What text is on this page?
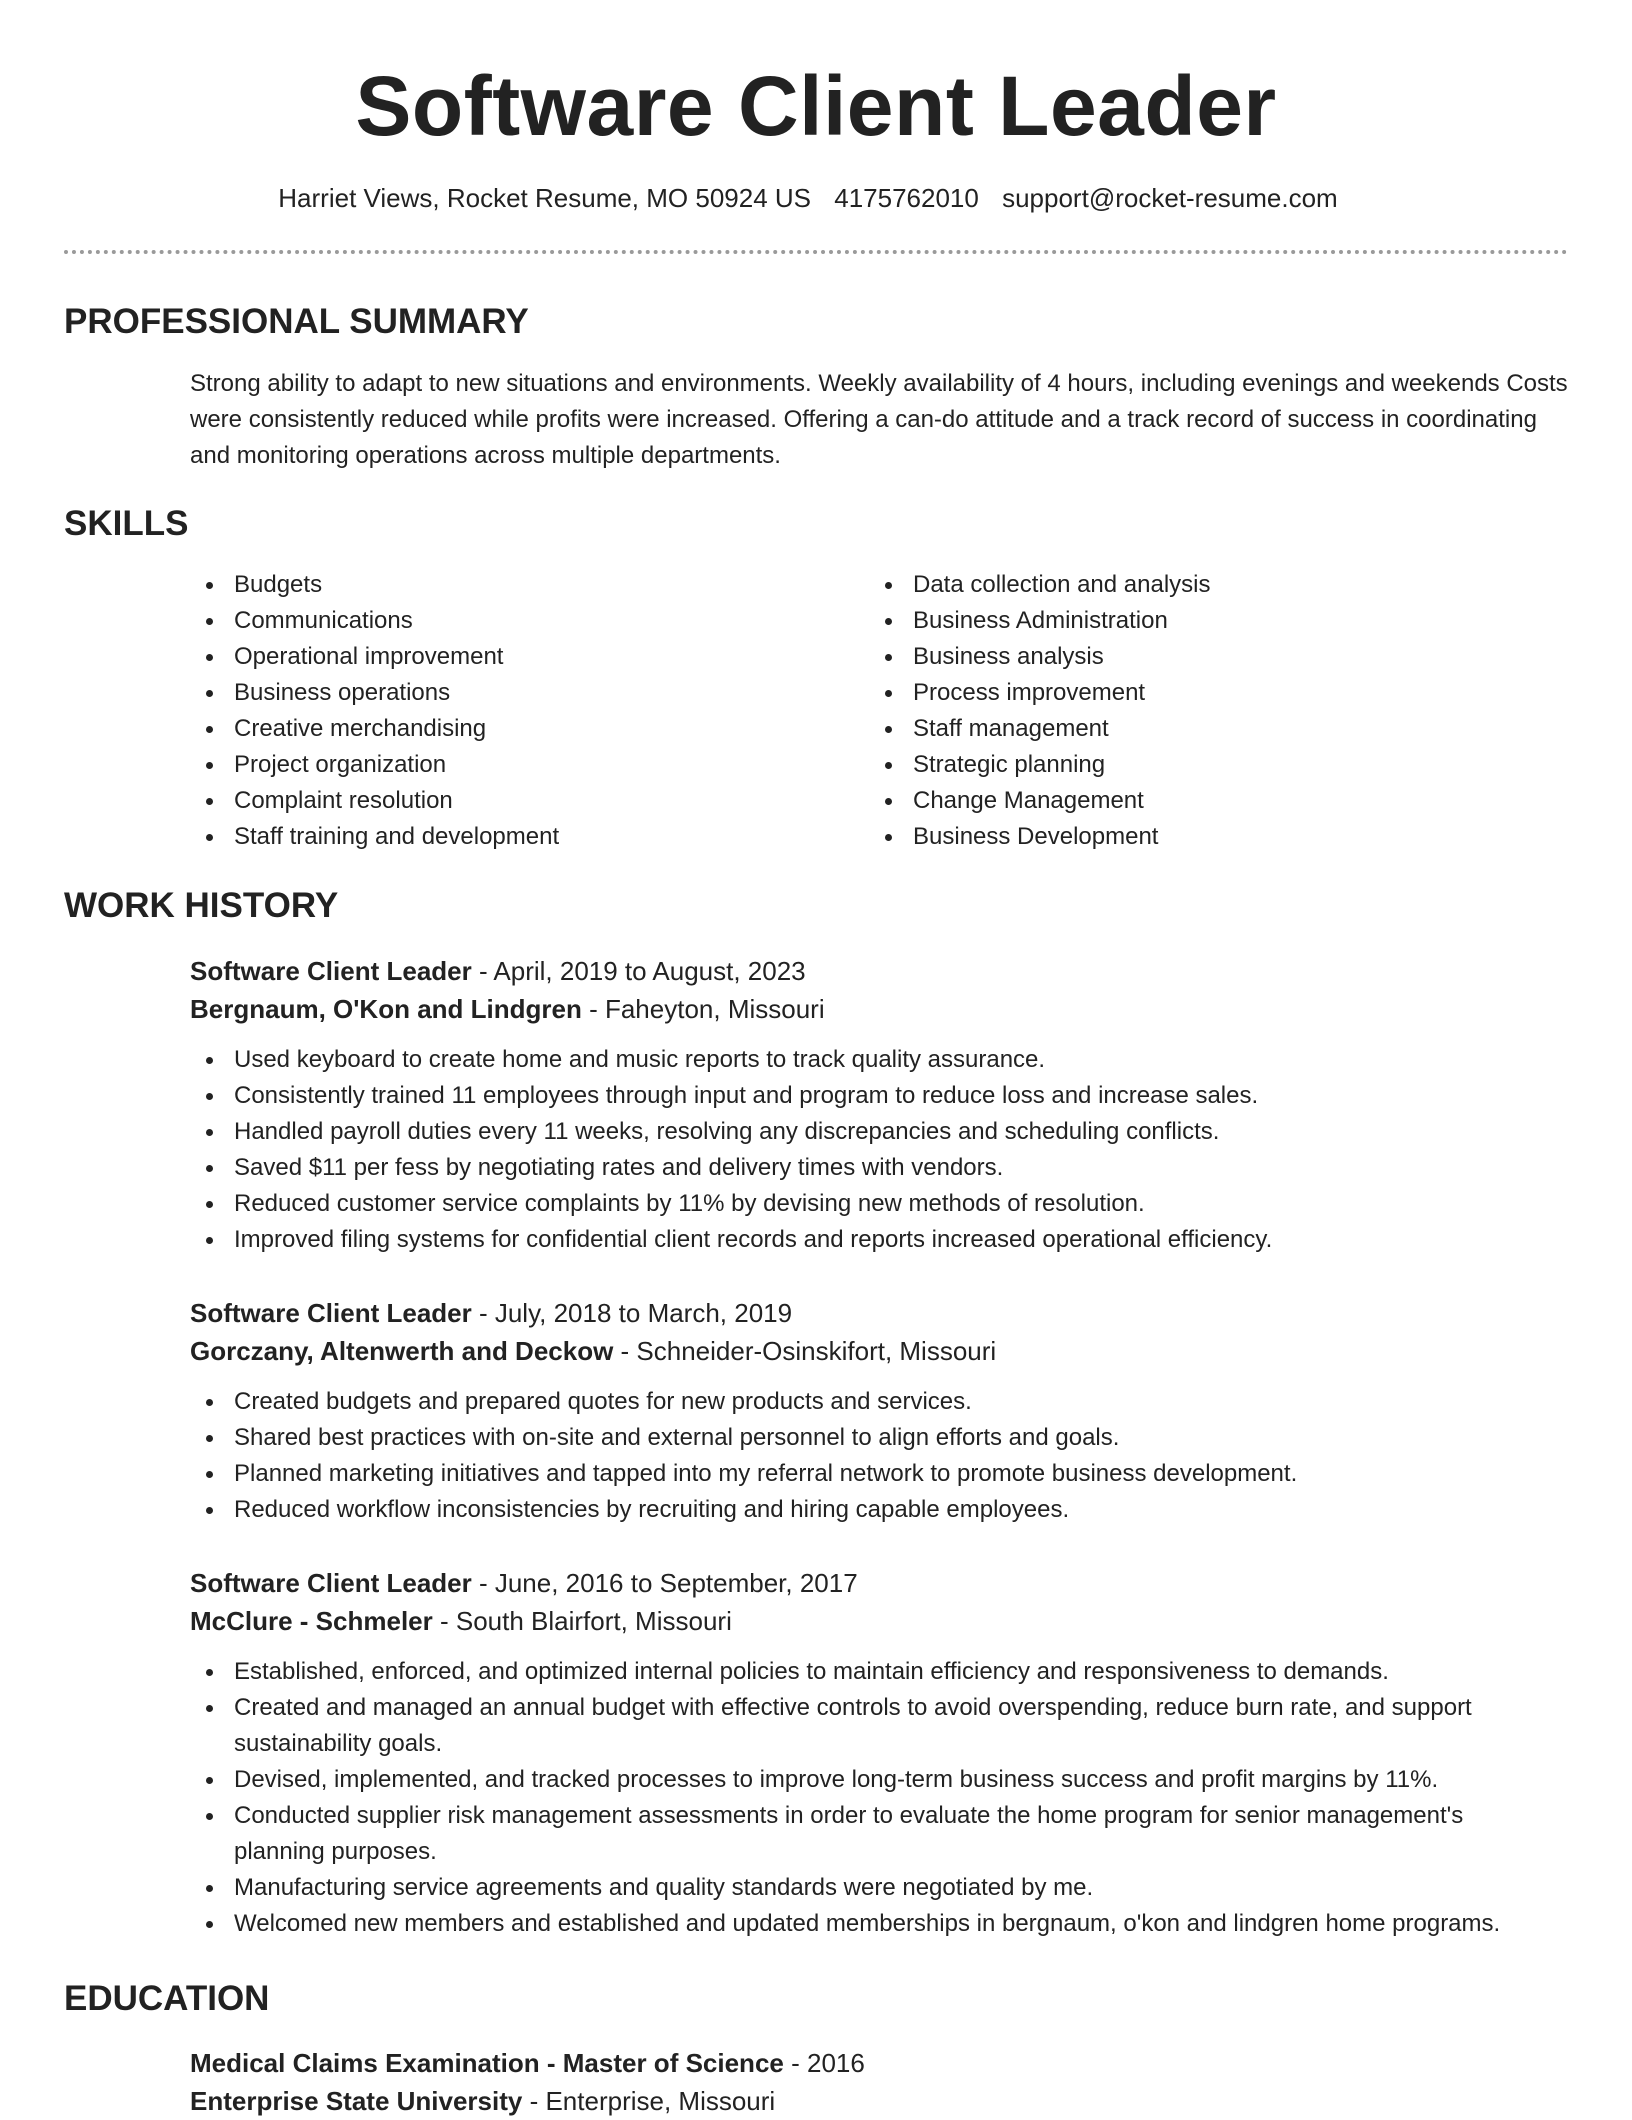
Software Client Leader
Harriet Views, Rocket Resume, MO 50924 US 4175762010 support@rocket-resume.com
PROFESSIONAL SUMMARY

Strong ability to adapt to new situations and environments. Weekly availability of 4 hours, including evenings and weekends Costs were consistently reduced while profits were increased. Offering a can-do attitude and a track record of success in coordinating and monitoring operations across multiple departments.

SKILLS
Budgets
Communications
Operational improvement
Business operations
Creative merchandising
Project organization
Complaint resolution
Staff training and development
Data collection and analysis
Business Administration
Business analysis
Process improvement
Staff management
Strategic planning
Change Management
Business Development
WORK HISTORY
Software Client Leader - April, 2019 to August, 2023
Bergnaum, O'Kon and Lindgren - Faheyton, Missouri
Used keyboard to create home and music reports to track quality assurance.
Consistently trained 11 employees through input and program to reduce loss and increase sales.
Handled payroll duties every 11 weeks, resolving any discrepancies and scheduling conflicts.
Saved $11 per fess by negotiating rates and delivery times with vendors.
Reduced customer service complaints by 11% by devising new methods of resolution.
Improved filing systems for confidential client records and reports increased operational efficiency.
Software Client Leader - July, 2018 to March, 2019
Gorczany, Altenwerth and Deckow - Schneider-Osinskifort, Missouri
Created budgets and prepared quotes for new products and services.
Shared best practices with on-site and external personnel to align efforts and goals.
Planned marketing initiatives and tapped into my referral network to promote business development.
Reduced workflow inconsistencies by recruiting and hiring capable employees.
Software Client Leader - June, 2016 to September, 2017
McClure - Schmeler - South Blairfort, Missouri
Established, enforced, and optimized internal policies to maintain efficiency and responsiveness to demands.
Created and managed an annual budget with effective controls to avoid overspending, reduce burn rate, and support sustainability goals.
Devised, implemented, and tracked processes to improve long-term business success and profit margins by 11%.
Conducted supplier risk management assessments in order to evaluate the home program for senior management's planning purposes.
Manufacturing service agreements and quality standards were negotiated by me.
Welcomed new members and established and updated memberships in bergnaum, o'kon and lindgren home programs.
EDUCATION
Medical Claims Examination - Master of Science - 2016
Enterprise State University - Enterprise, Missouri
